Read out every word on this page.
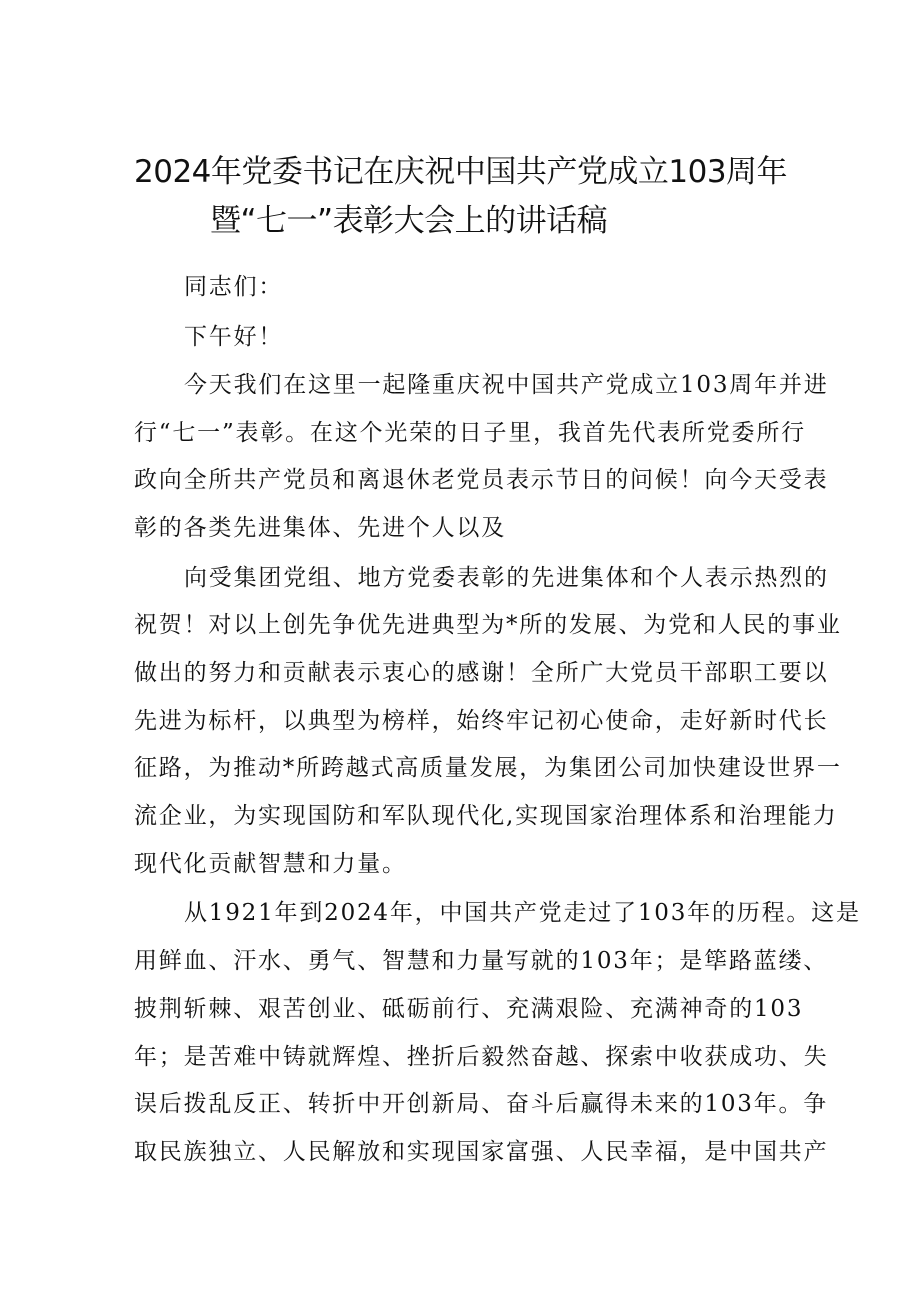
2024年党委书记在庆祝中国共产党成立103周年
暨“七一”表彰大会上的讲话稿
同志们：
下午好！
今天我们在这里一起隆重庆祝中国共产党成立103周年并进
行“七一”表彰。在这个光荣的日子里，我首先代表所党委所行
政向全所共产党员和离退休老党员表示节日的问候！向今天受表
彰的各类先进集体、先进个人以及
向受集团党组、地方党委表彰的先进集体和个人表示热烈的
祝贺！对以上创先争优先进典型为*所的发展、为党和人民的事业
做出的努力和贡献表示衷心的感谢！全所广大党员干部职工要以
先进为标杆，以典型为榜样，始终牢记初心使命，走好新时代长
征路，为推动*所跨越式高质量发展，为集团公司加快建设世界一
流企业，为实现国防和军队现代化,实现国家治理体系和治理能力
现代化贡献智慧和力量。
从1921年到2024年，中国共产党走过了103年的历程。这是
用鲜血、汗水、勇气、智慧和力量写就的103年；是筚路蓝缕、
披荆斩棘、艰苦创业、砥砺前行、充满艰险、充满神奇的103
年；是苦难中铸就辉煌、挫折后毅然奋越、探索中收获成功、失
误后拨乱反正、转折中开创新局、奋斗后赢得未来的103年。争
取民族独立、人民解放和实现国家富强、人民幸福，是中国共产
